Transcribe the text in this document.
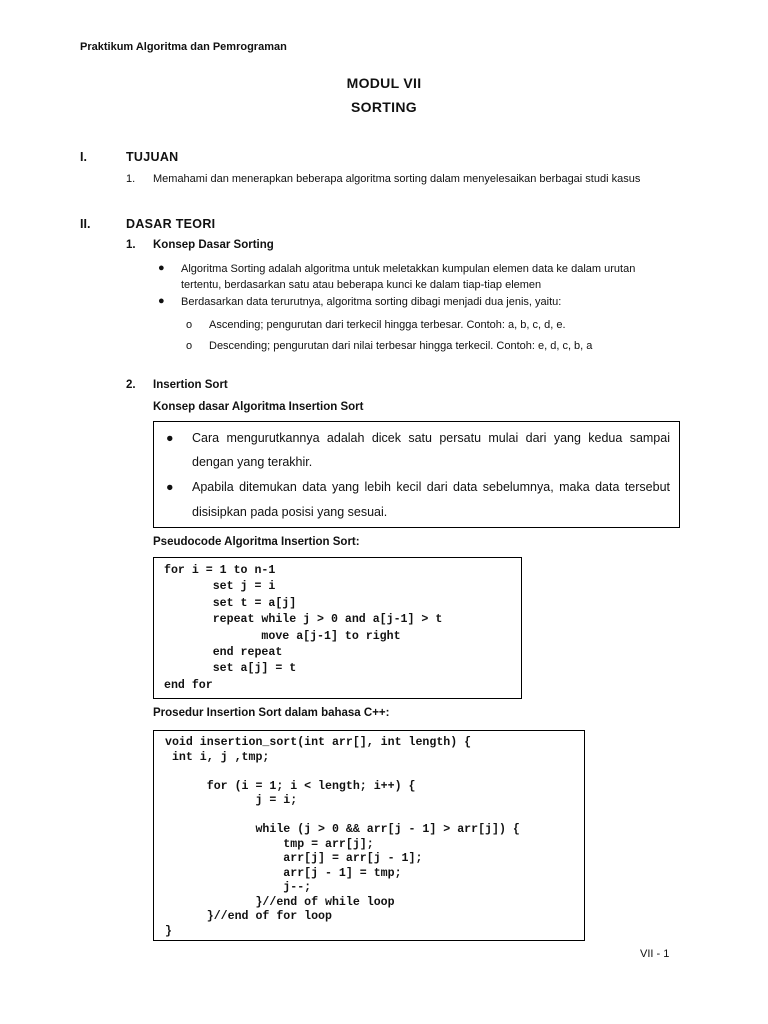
Praktikum Algoritma dan Pemrograman
MODUL VII
SORTING
I.	TUJUAN
1. Memahami dan menerapkan beberapa algoritma sorting dalam menyelesaikan berbagai studi kasus
II.	DASAR TEORI
1. Konsep Dasar Sorting
● Algoritma Sorting adalah algoritma untuk meletakkan kumpulan elemen data ke dalam urutan
tertentu, berdasarkan satu atau beberapa kunci ke dalam tiap-tiap elemen
● Berdasarkan data terurutnya, algoritma sorting dibagi menjadi dua jenis, yaitu:
o Ascending; pengurutan dari terkecil hingga terbesar. Contoh: a, b, c, d, e.
o Descending; pengurutan dari nilai terbesar hingga terkecil. Contoh: e, d, c, b, a
2. Insertion Sort
Konsep dasar Algoritma Insertion Sort
● Cara mengurutkannya adalah dicek satu persatu mulai dari yang kedua sampai
dengan yang terakhir.
● Apabila ditemukan data yang lebih kecil dari data sebelumnya, maka data tersebut
disisipkan pada posisi yang sesuai.
Pseudocode Algoritma Insertion Sort:
for i = 1 to n-1
set j = i
set t = a[j]
repeat while j > 0 and a[j-1] > t
move a[j-1] to right
end repeat
set a[j] = t
end for
Prosedur Insertion Sort dalam bahasa C++:
void insertion_sort(int arr[], int length) {
int i, j ,tmp;

for (i = 1; i < length; i++) {
j = i;

while (j > 0 && arr[j - 1] > arr[j]) {
tmp = arr[j];
arr[j] = arr[j - 1];
arr[j - 1] = tmp;
j--;
}//end of while loop
}//end of for loop
}
VII - 1
